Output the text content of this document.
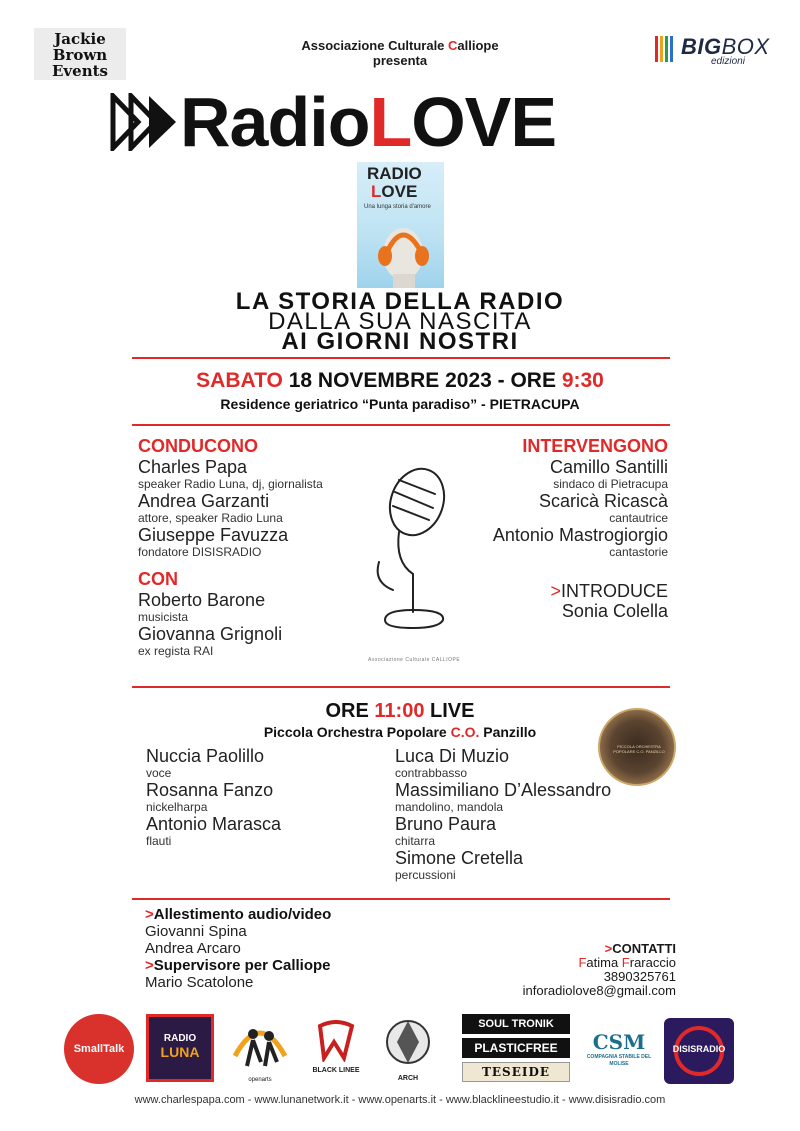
Jackie
Brown
Events
Associazione Culturale Calliope
presenta
BIGBOX
edizioni
RadioLOVE
RADIO
LOVE
Una lunga storia d'amore
LA STORIA DELLA RADIO
DALLA SUA NASCITA
AI GIORNI NOSTRI
SABATO 18 NOVEMBRE 2023 - ORE 9:30
Residence geriatrico “Punta paradiso” - PIETRACUPA
CONDUCONO
Charles Papa
speaker Radio Luna, dj, giornalista
Andrea Garzanti
attore, speaker Radio Luna
Giuseppe Favuzza
fondatore DISISRADIO
CON
Roberto Barone
musicista
Giovanna Grignoli
ex regista RAI
Associazione Culturale CALLIOPE
INTERVENGONO
Camillo Santilli
sindaco di Pietracupa
Scaricà Ricascà
cantautrice
Antonio Mastrogiorgio
cantastorie
>INTRODUCE
Sonia Colella
ORE 11:00 LIVE
Piccola Orchestra Popolare C.O. Panzillo
PICCOLA ORCHESTRA POPOLARE C.O. PANZILLO
Nuccia Paolillo
voce
Rosanna Fanzo
nickelharpa
Antonio Marasca
flauti
Luca Di Muzio
contrabbasso
Massimiliano D’Alessandro
mandolino, mandola
Bruno Paura
chitarra
Simone Cretella
percussioni
>Allestimento audio/video
Giovanni Spina
Andrea Arcaro
>Supervisore per Calliope
Mario Scatolone
>CONTATTI
Fatima Fraraccio
3890325761
inforadiolove8@gmail.com
SmallTalk
RADIO
LUNA
openarts
BLACK LINEE
ARCH
SOUL TRONIK
PLASTICFREE
TESEIDE
CSM
COMPAGNIA STABILE DEL MOLISE
DISISRADIO
www.charlespapa.com - www.lunanetwork.it - www.openarts.it - www.blacklineestudio.it - www.disisradio.com
